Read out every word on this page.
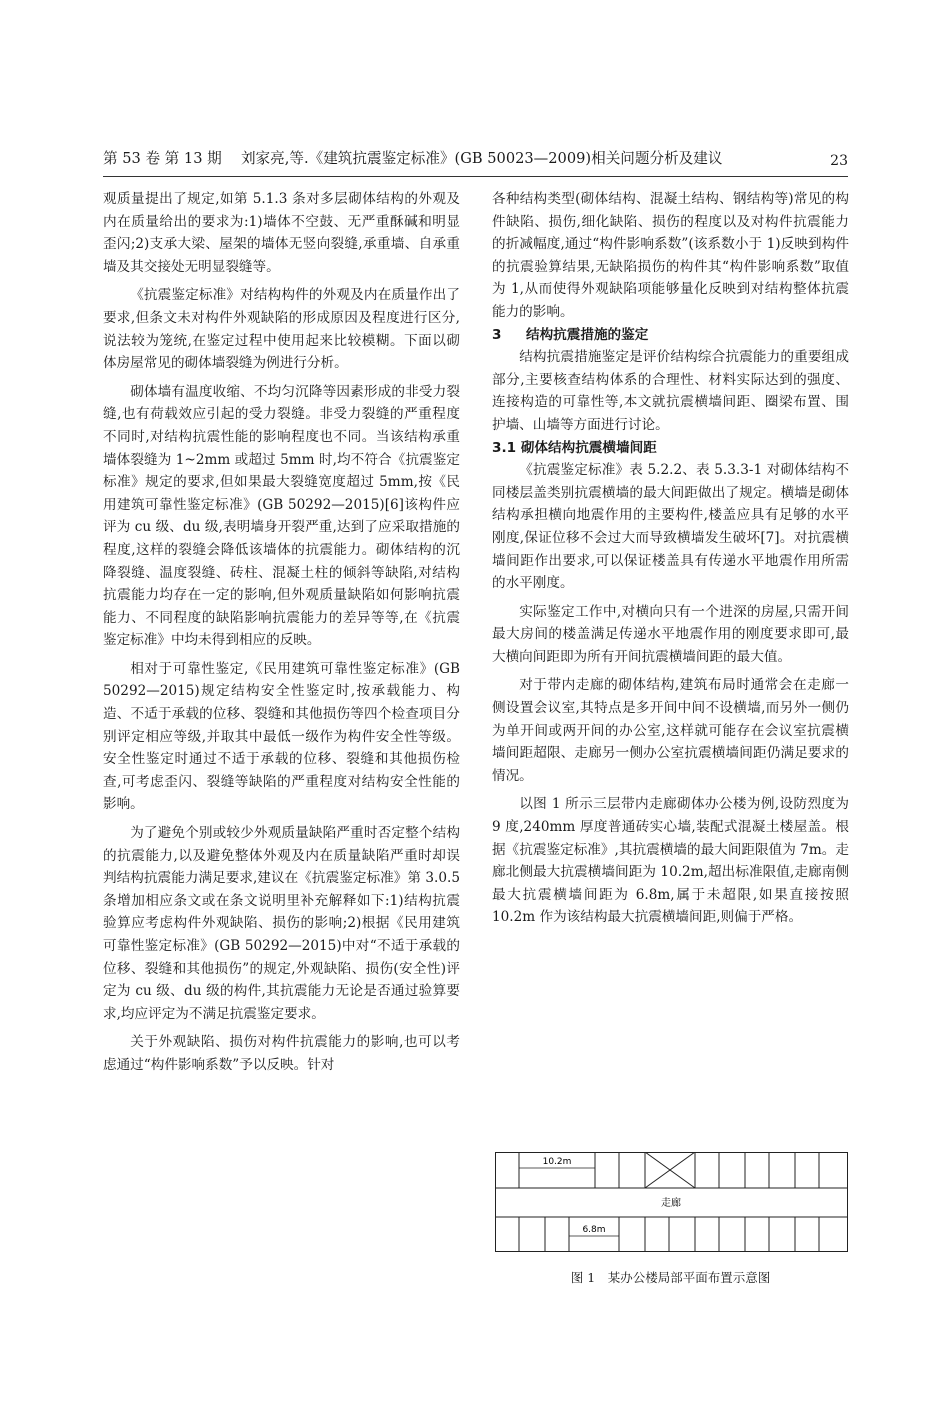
第 53 卷 第 13 期　 刘家亮,等.《建筑抗震鉴定标准》(GB 50023—2009)相关问题分析及建议	23

观质量提出了规定,如第 5.1.3 条对多层砌体结构的外观及内在质量给出的要求为:1)墙体不空鼓、无严重酥碱和明显歪闪;2)支承大梁、屋架的墙体无竖向裂缝,承重墙、自承重墙及其交接处无明显裂缝等。

《抗震鉴定标准》对结构构件的外观及内在质量作出了要求,但条文未对构件外观缺陷的形成原因及程度进行区分,说法较为笼统,在鉴定过程中使用起来比较模糊。下面以砌体房屋常见的砌体墙裂缝为例进行分析。

砌体墙有温度收缩、不均匀沉降等因素形成的非受力裂缝,也有荷载效应引起的受力裂缝。非受力裂缝的严重程度不同时,对结构抗震性能的影响程度也不同。当该结构承重墙体裂缝为 1~2mm 或超过 5mm 时,均不符合《抗震鉴定标准》规定的要求,但如果最大裂缝宽度超过 5mm,按《民用建筑可靠性鉴定标准》(GB 50292—2015)[6]该构件应评为 cu 级、du 级,表明墙身开裂严重,达到了应采取措施的程度,这样的裂缝会降低该墙体的抗震能力。砌体结构的沉降裂缝、温度裂缝、砖柱、混凝土柱的倾斜等缺陷,对结构抗震能力均存在一定的影响,但外观质量缺陷如何影响抗震能力、不同程度的缺陷影响抗震能力的差异等等,在《抗震鉴定标准》中均未得到相应的反映。

相对于可靠性鉴定,《民用建筑可靠性鉴定标准》(GB 50292—2015)规定结构安全性鉴定时,按承载能力、构造、不适于承载的位移、裂缝和其他损伤等四个检查项目分别评定相应等级,并取其中最低一级作为构件安全性等级。安全性鉴定时通过不适于承载的位移、裂缝和其他损伤检查,可考虑歪闪、裂缝等缺陷的严重程度对结构安全性能的影响。

为了避免个别或较少外观质量缺陷严重时否定整个结构的抗震能力,以及避免整体外观及内在质量缺陷严重时却误判结构抗震能力满足要求,建议在《抗震鉴定标准》第 3.0.5 条增加相应条文或在条文说明里补充解释如下:1)结构抗震验算应考虑构件外观缺陷、损伤的影响;2)根据《民用建筑可靠性鉴定标准》(GB 50292—2015)中对“不适于承载的位移、裂缝和其他损伤”的规定,外观缺陷、损伤(安全性)评定为 cu 级、du 级的构件,其抗震能力无论是否通过验算要求,均应评定为不满足抗震鉴定要求。

关于外观缺陷、损伤对构件抗震能力的影响,也可以考虑通过“构件影响系数”予以反映。针对

各种结构类型(砌体结构、混凝土结构、钢结构等)常见的构件缺陷、损伤,细化缺陷、损伤的程度以及对构件抗震能力的折减幅度,通过“构件影响系数”(该系数小于 1)反映到构件的抗震验算结果,无缺陷损伤的构件其“构件影响系数”取值为 1,从而使得外观缺陷项能够量化反映到对结构整体抗震能力的影响。

3 结构抗震措施的鉴定

结构抗震措施鉴定是评价结构综合抗震能力的重要组成部分,主要核查结构体系的合理性、材料实际达到的强度、连接构造的可靠性等,本文就抗震横墙间距、圈梁布置、围护墙、山墙等方面进行讨论。

3.1 砌体结构抗震横墙间距

《抗震鉴定标准》表 5.2.2、表 5.3.3-1 对砌体结构不同楼层盖类别抗震横墙的最大间距做出了规定。横墙是砌体结构承担横向地震作用的主要构件,楼盖应具有足够的水平刚度,保证位移不会过大而导致横墙发生破坏[7]。对抗震横墙间距作出要求,可以保证楼盖具有传递水平地震作用所需的水平刚度。

实际鉴定工作中,对横向只有一个进深的房屋,只需开间最大房间的楼盖满足传递水平地震作用的刚度要求即可,最大横向间距即为所有开间抗震横墙间距的最大值。

对于带内走廊的砌体结构,建筑布局时通常会在走廊一侧设置会议室,其特点是多开间中间不设横墙,而另外一侧仍为单开间或两开间的办公室,这样就可能存在会议室抗震横墙间距超限、走廊另一侧办公室抗震横墙间距仍满足要求的情况。

以图 1 所示三层带内走廊砌体办公楼为例,设防烈度为 9 度,240mm 厚度普通砖实心墙,装配式混凝土楼屋盖。根据《抗震鉴定标准》,其抗震横墙的最大间距限值为 7m。走廊北侧最大抗震横墙间距为 10.2m,超出标准限值,走廊南侧最大抗震横墙间距为 6.8m,属于未超限,如果直接按照 10.2m 作为该结构最大抗震横墙间距,则偏于严格。

10.2m
走廊
6.8m
图 1　某办公楼局部平面布置示意图
